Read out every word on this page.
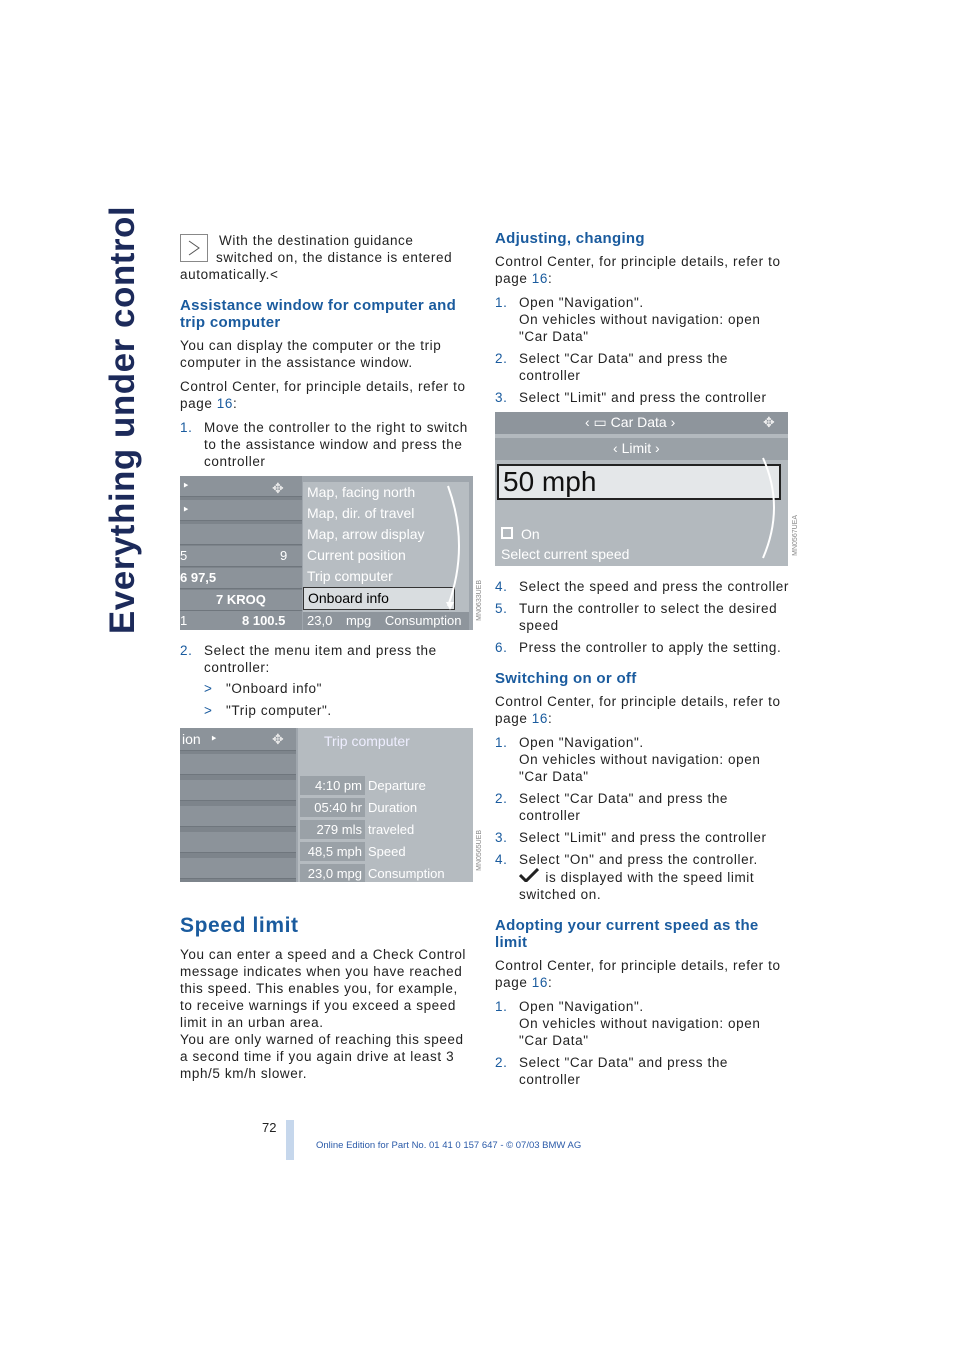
Everything under control	With the destination guidance switched on, the distance is entered automatically.<

Assistance window for computer and trip computer

You can display the computer or the trip computer in the assistance window.

Control Center, for principle details, refer to page 16:

1. Move the controller to the right to switch to the assistance window and press the controller
‣
‣
5	9
6 97,5
7 KROQ
1	8 100.5
✥ Map, facing north
Map, dir. of travel
Map, arrow display
Current position
Trip computer
Onboard info
23,0 mpg Consumption	MN0633UEB
2. Select the menu item and press the controller:
> "Onboard info"
> "Trip computer".
ion ‣	✥	Trip computer
4:10 pm Departure
05:40 hr Duration
279 mls traveled
48,5 mph Speed
23,0 mpg Consumption
MN0565UEB
Speed limit

You can enter a speed and a Check Control message indicates when you have reached this speed. This enables you, for example, to receive warnings if you exceed a speed limit in an urban area.

You are only warned of reaching this speed a second time if you again drive at least 3 mph/5 km/h slower.

Adjusting, changing

Control Center, for principle details, refer to page 16:

1. Open "Navigation".
On vehicles without navigation: open "Car Data"
2. Select "Car Data" and press the controller
3. Select "Limit" and press the controller
‹ ▭ Car Data ›	✥
‹ Limit ›
50 mph
On
Select current speed	MN0567UEA
4. Select the speed and press the controller
5. Turn the controller to select the desired speed
6. Press the controller to apply the setting.
Switching on or off

Control Center, for principle details, refer to page 16:

1. Open "Navigation".
On vehicles without navigation: open "Car Data"
2. Select "Car Data" and press the controller
3. Select "Limit" and press the controller
4. Select "On" and press the controller.
is displayed with the speed limit switched on.
Adopting your current speed as the limit

Control Center, for principle details, refer to page 16:

1. Open "Navigation".
On vehicles without navigation: open "Car Data"
2. Select "Car Data" and press the controller
72
Online Edition for Part No. 01 41 0 157 647 - © 07/03 BMW AG
